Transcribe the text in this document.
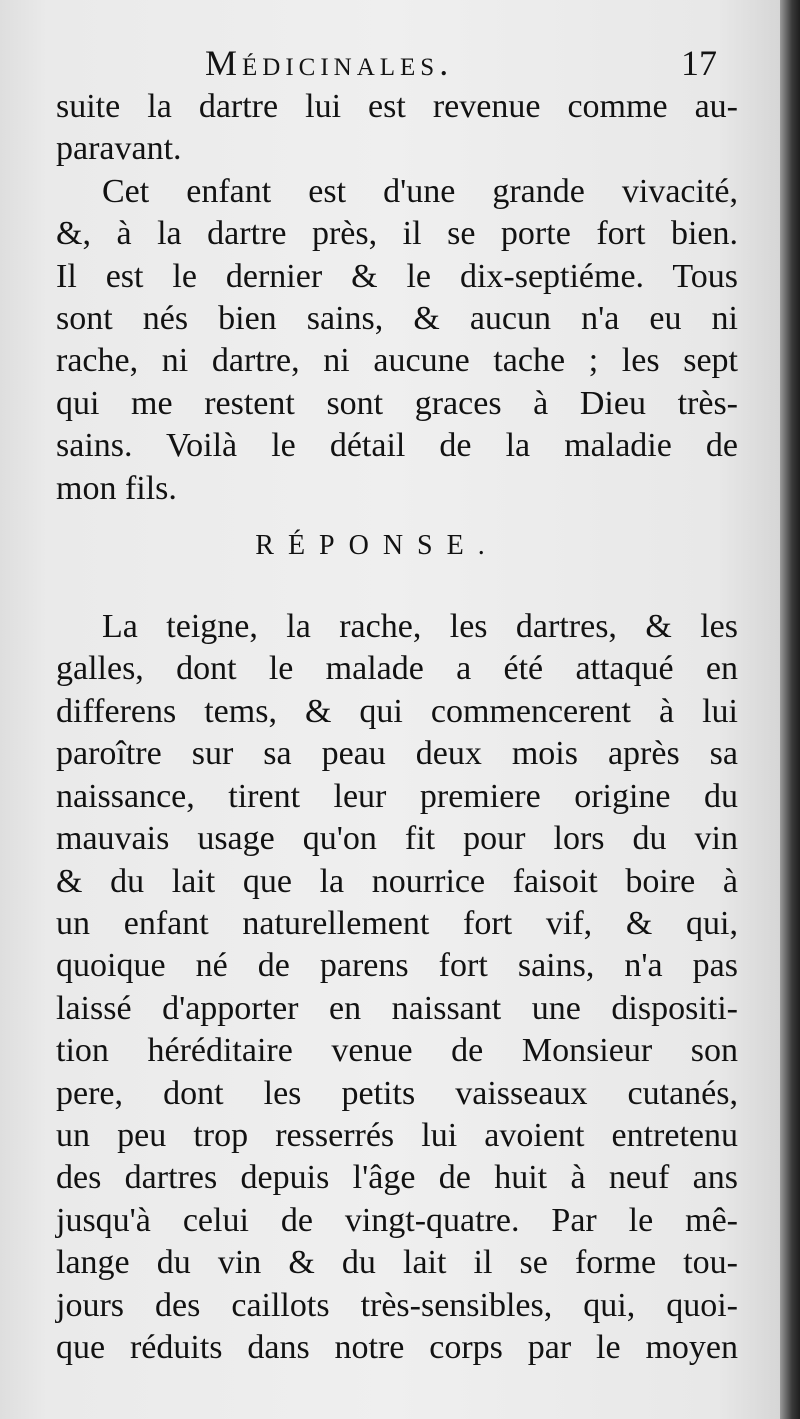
Médicinales.	17
suite la dartre lui est revenue comme au-
paravant.
Cet enfant est d'une grande vivacité,
&, à la dartre près, il se porte fort bien.
Il est le dernier & le dix-septiéme. Tous
sont nés bien sains, & aucun n'a eu ni
rache, ni dartre, ni aucune tache ; les sept
qui me restent sont graces à Dieu très-
sains. Voilà le détail de la maladie de
mon fils.
RÉPONSE.
La teigne, la rache, les dartres, & les
galles, dont le malade a été attaqué en
differens tems, & qui commencerent à lui
paroître sur sa peau deux mois après sa
naissance, tirent leur premiere origine du
mauvais usage qu'on fit pour lors du vin
& du lait que la nourrice faisoit boire à
un enfant naturellement fort vif, & qui,
quoique né de parens fort sains, n'a pas
laissé d'apporter en naissant une dispositi-
tion héréditaire venue de Monsieur son
pere, dont les petits vaisseaux cutanés,
un peu trop resserrés lui avoient entretenu
des dartres depuis l'âge de huit à neuf ans
jusqu'à celui de vingt-quatre. Par le mê-
lange du vin & du lait il se forme tou-
jours des caillots très-sensibles, qui, quoi-
que réduits dans notre corps par le moyen
